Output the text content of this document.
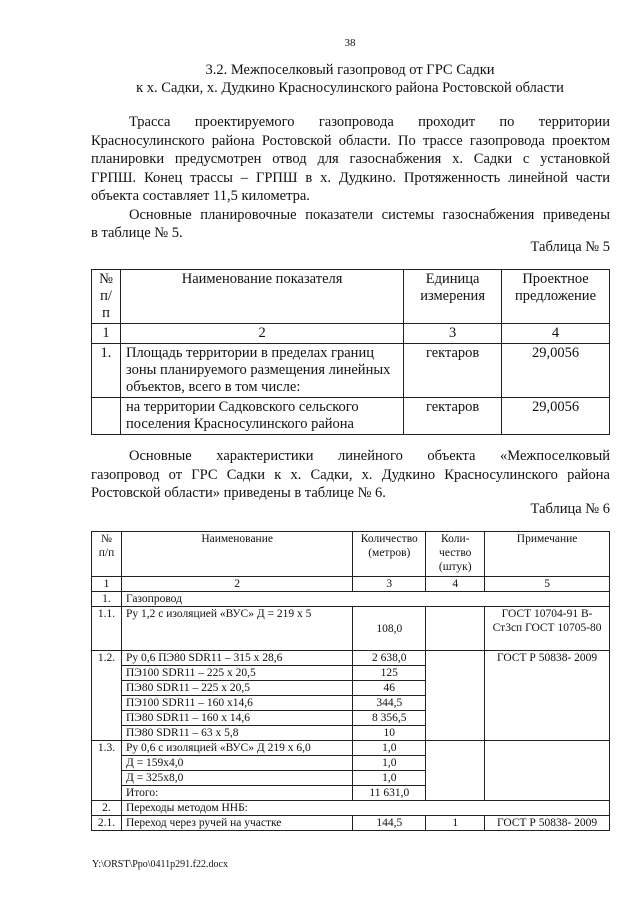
38
3.2. Межпоселковый газопровод от ГРС Садки
к х. Садки, х. Дудкино Красносулинского района Ростовской области
Трасса проектируемого газопровода проходит по территории
Красносулинского района Ростовской области. По трассе газопровода проектом
планировки предусмотрен отвод для газоснабжения х. Садки с установкой
ГРПШ. Конец трассы – ГРПШ в х. Дудкино. Протяженность линейной части
объекта составляет 11,5 километра.
Основные планировочные показатели системы газоснабжения приведены
в таблице № 5.
Таблица № 5
№ п/п	Наименование показателя	Единица измерения	Проектное предложение
1	2	3	4
1.	Площадь территории в пределах границ зоны планируемого размещения линейных объектов, всего в том числе:	гектаров	29,0056
	на территории Садковского сельского поселения Красносулинского района	гектаров	29,0056
Основные характеристики линейного объекта «Межпоселковый
газопровод от ГРС Садки к х. Садки, х. Дудкино Красносулинского района
Ростовской области» приведены в таблице № 6.
Таблица № 6
№ п/п	Наименование	Количество (метров)	Коли-чество (штук)	Примечание
1	2	3	4	5
1.	Газопровод			
1.1.	Ру 1,2 с изоляцией «ВУС» Д = 219 х 5	108,0		ГОСТ 10704-91 В-Ст3сп ГОСТ 10705-80
1.2.	Ру 0,6 ПЭ80 SDR11 – 315 х 28,6	2 638,0		ГОСТ Р 50838- 2009
	ПЭ100 SDR11 – 225 х 20,5	125		
	ПЭ80 SDR11 – 225 х 20,5	46		
	ПЭ100 SDR11 – 160 х14,6	344,5		
	ПЭ80 SDR11 – 160 х 14,6	8 356,5		
	ПЭ80 SDR11 – 63 х 5,8	10		
1.3.	Ру 0,6 с изоляцией «ВУС» Д 219 х 6,0	1,0		
	Д = 159х4,0	1,0		
	Д = 325х8,0	1,0		
	Итого:	11 631,0		
2.	Переходы методом ННБ:			
2.1.	Переход через ручей на участке	144,5	1	ГОСТ Р 50838- 2009
Y:\ORST\Ppo\0411p291.f22.docx
